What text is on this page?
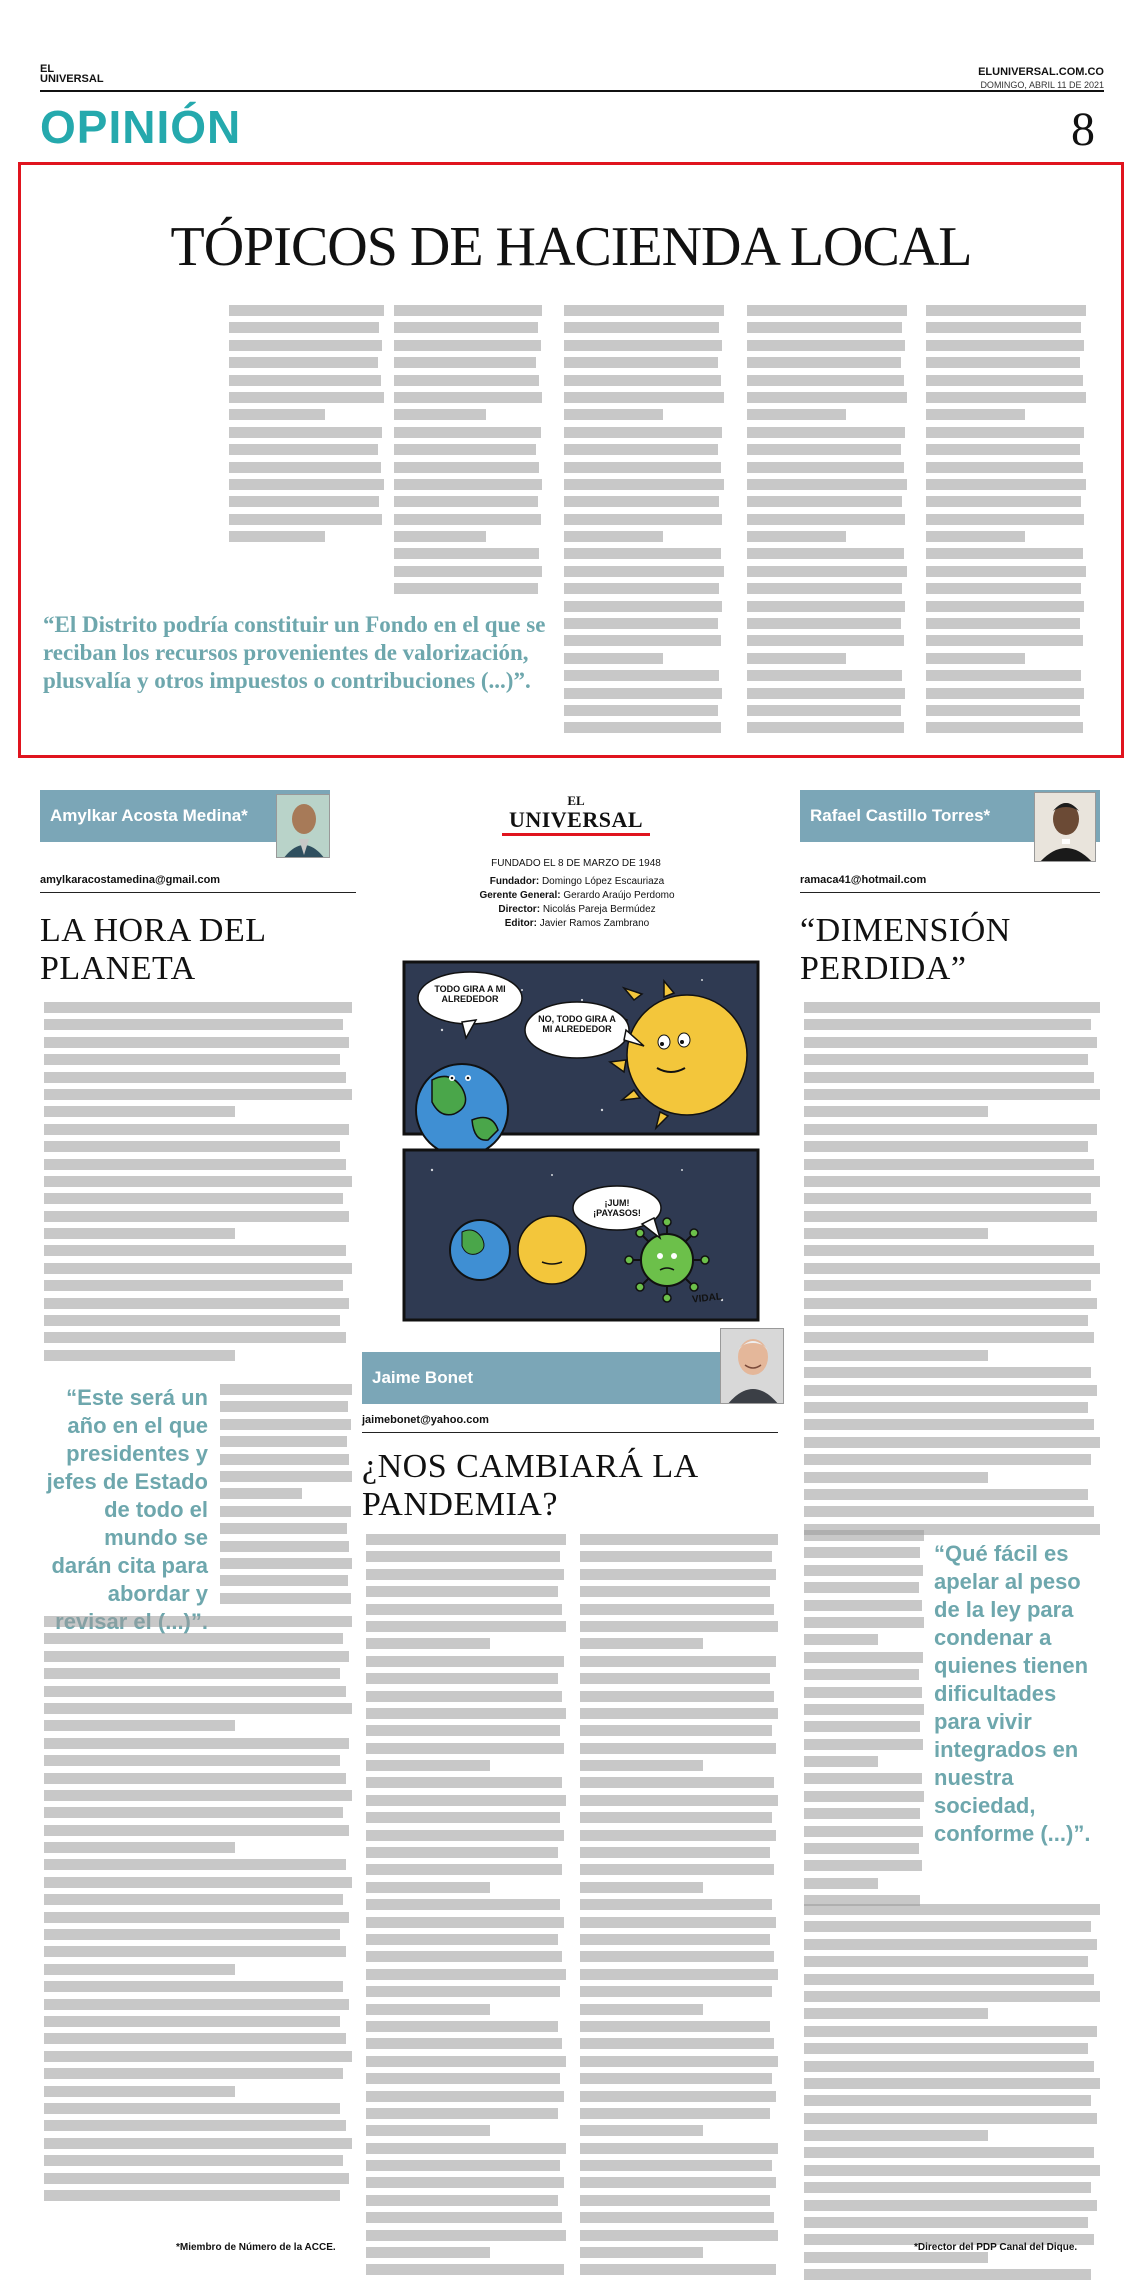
EL
UNIVERSAL
ELUNIVERSAL.COM.CO
DOMINGO, ABRIL 11 DE 2021
OPINIÓN	8
TÓPICOS DE HACIENDA LOCAL
“El Distrito podría constituir un Fondo en el que se reciban los recursos provenientes de valorización, plusvalía y otros impuestos o contribuciones (...)”.
Amylkar Acosta Medina*
amylkaracostamedina@gmail.com
LA HORA DEL PLANETA
“Este será un año en el que presidentes y jefes de Estado de todo el mundo se darán cita para abordar y
*Miembro de Número de la ACCE.
EL
UNIVERSAL
FUNDADO EL 8 DE MARZO DE 1948
Fundador: Domingo López Escauriaza
Gerente General: Gerardo Araújo Perdomo
Director: Nicolás Pareja Bermúdez
Editor: Javier Ramos Zambrano
TODO GIRA A MI ALREDEDOR
NO, TODO GIRA A MI ALREDEDOR
¡JUM! ¡PAYASOS!
VIDAL
Jaime Bonet
jaimebonet@yahoo.com
¿NOS CAMBIARÁ LA PANDEMIA?
Rafael Castillo Torres*
ramaca41@hotmail.com
“DIMENSIÓN PERDIDA”
“Qué fácil es apelar al peso de la ley para condenar a quienes tienen dificultades para vivir integrados en nuestra sociedad, conforme (...)”.
*Director del PDP Canal del Dique.
